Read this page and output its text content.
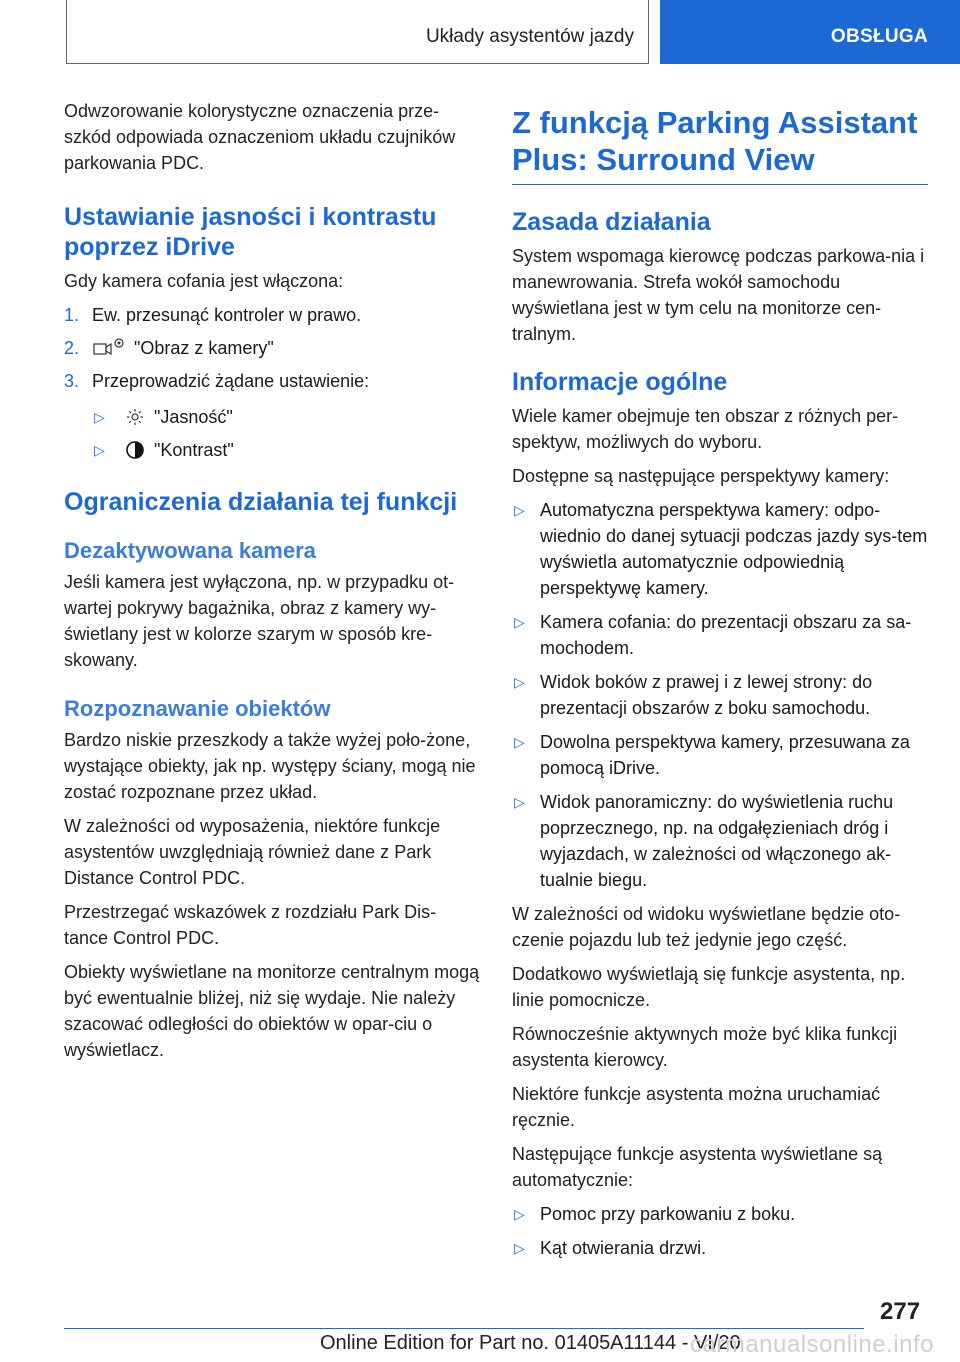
Układy asystentów jazdy	OBSŁUGA

Odwzorowanie kolorystyczne oznaczenia prze-szkód odpowiada oznaczeniom układu czujników parkowania PDC.

Ustawianie jasności i kontrastu poprzez iDrive

Gdy kamera cofania jest włączona:

1. Ew. przesunąć kontroler w prawo.
2.	"Obraz z kamery"
3. Przeprowadzić żądane ustawienie:
▷	"Jasność"
▷	"Kontrast"
Ograniczenia działania tej funkcji
Dezaktywowana kamera

Jeśli kamera jest wyłączona, np. w przypadku ot-wartej pokrywy bagażnika, obraz z kamery wy-świetlany jest w kolorze szarym w sposób kre-skowany.

Rozpoznawanie obiektów

Bardzo niskie przeszkody a także wyżej poło-żone, wystające obiekty, jak np. występy ściany, mogą nie zostać rozpoznane przez układ.

W zależności od wyposażenia, niektóre funkcje asystentów uwzględniają również dane z Park Distance Control PDC.

Przestrzegać wskazówek z rozdziału Park Dis-tance Control PDC.

Obiekty wyświetlane na monitorze centralnym mogą być ewentualnie bliżej, niż się wydaje. Nie należy szacować odległości do obiektów w opar-ciu o wyświetlacz.

Z funkcją Parking Assistant Plus: Surround View
Zasada działania

System wspomaga kierowcę podczas parkowa-nia i manewrowania. Strefa wokół samochodu wyświetlana jest w tym celu na monitorze cen-tralnym.

Informacje ogólne

Wiele kamer obejmuje ten obszar z różnych per-spektyw, możliwych do wyboru.

Dostępne są następujące perspektywy kamery:

▷ Automatyczna perspektywa kamery: odpo-wiednio do danej sytuacji podczas jazdy sys-tem wyświetla automatycznie odpowiednią perspektywę kamery.
▷ Kamera cofania: do prezentacji obszaru za sa-mochodem.
▷ Widok boków z prawej i z lewej strony: do prezentacji obszarów z boku samochodu.
▷ Dowolna perspektywa kamery, przesuwana za pomocą iDrive.
▷ Widok panoramiczny: do wyświetlenia ruchu poprzecznego, np. na odgałęzieniach dróg i wyjazdach, w zależności od włączonego ak-tualnie biegu.

W zależności od widoku wyświetlane będzie oto-czenie pojazdu lub też jedynie jego część.

Dodatkowo wyświetlają się funkcje asystenta, np. linie pomocnicze.

Równocześnie aktywnych może być klika funkcji asystenta kierowcy.

Niektóre funkcje asystenta można uruchamiać ręcznie.

Następujące funkcje asystenta wyświetlane są automatycznie:

▷ Pomoc przy parkowaniu z boku.
▷ Kąt otwierania drzwi.
277
Online Edition for Part no. 01405A11144 - VI/20
carmanualsonline.info
